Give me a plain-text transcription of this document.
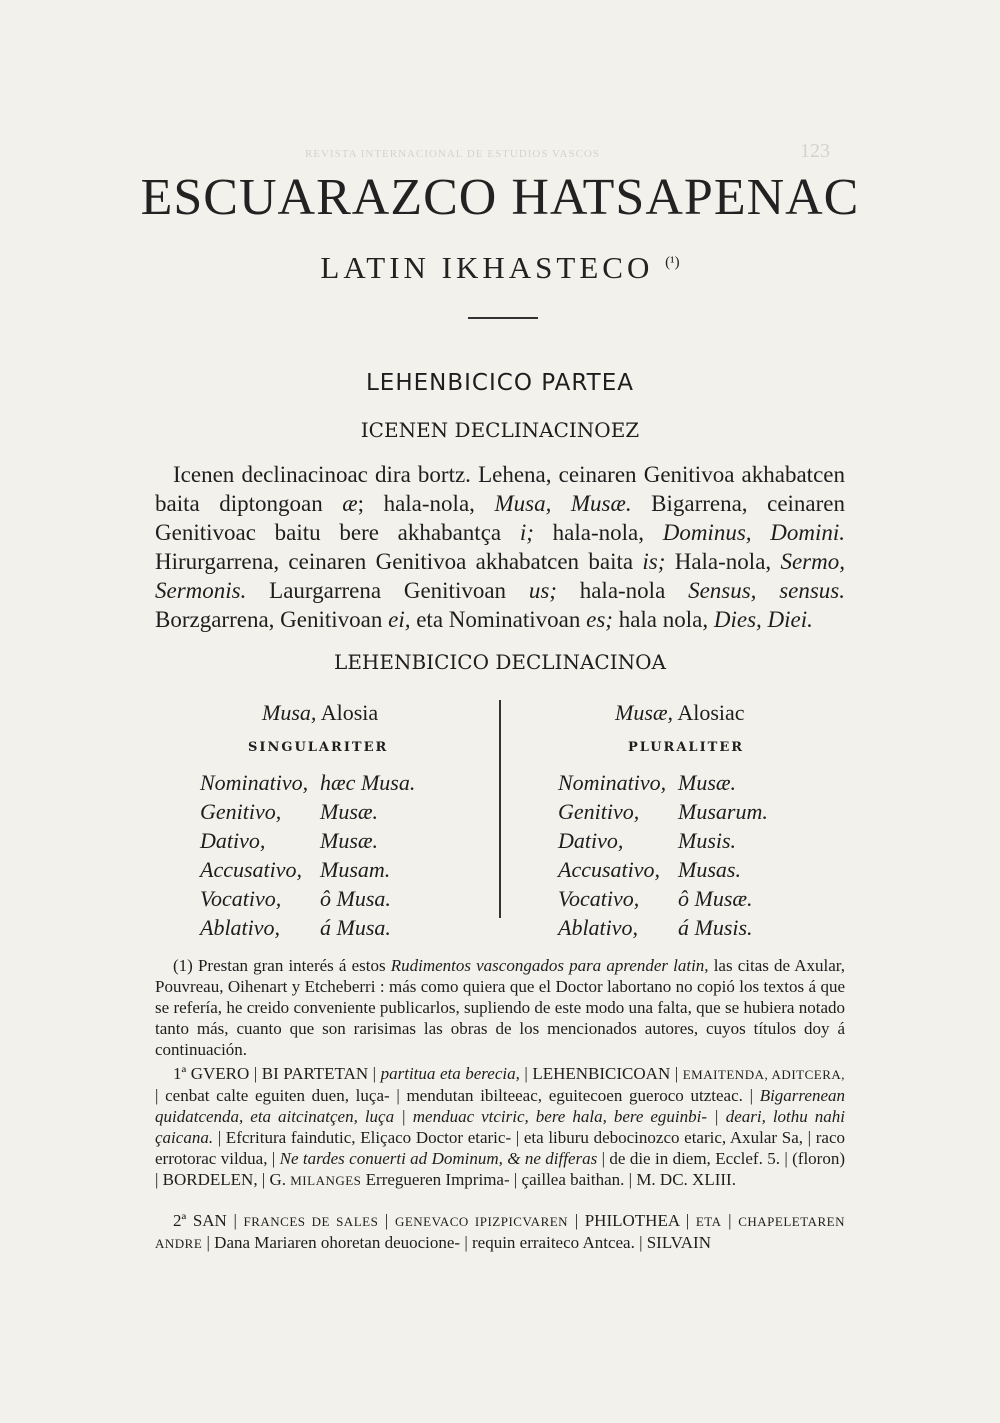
123
REVISTA INTERNACIONAL DE ESTUDIOS VASCOS
ESCUARAZCO HATSAPENAC
LATIN IKHASTECO $^{(^1)}$
LEHENBICICO PARTEA
ICENEN DECLINACINOEZ
Icenen declinacinoac dira bortz. Lehena, ceinaren Genitivoa akhabatcen baita diptongoan æ; hala-nola, Musa, Musæ. Bigarrena, ceinaren Genitivoac baitu bere akhabantça i; hala-nola, Dominus, Domini. Hirurgarrena, ceinaren Genitivoa akhabatcen baita is; Hala-nola, Sermo, Sermonis. Laurgarrena Genitivoan us; hala-nola Sensus, sensus. Borzgarrena, Genitivoan ei, eta Nominativoan es; hala nola, Dies, Diei.
LEHENBICICO DECLINACINOA
Musa, Alosia
SINGULARITER
Nominativo, hæc Musa.
Genitivo, Musæ.
Dativo, Musæ.
Accusativo, Musam.
Vocativo, ô Musa.
Ablativo, á Musa.
Musæ, Alosiac
PLURALITER
Nominativo, Musæ.
Genitivo, Musarum.
Dativo, Musis.
Accusativo, Musas.
Vocativo, ô Musæ.
Ablativo, á Musis.
(1) Prestan gran interés á estos Rudimentos vascongados para aprender latin, las citas de Axular, Pouvreau, Oihenart y Etcheberri : más como quiera que el Doctor labortano no copió los textos á que se refería, he creido conveniente publicarlos, supliendo de este modo una falta, que se hubiera notado tanto más, cuanto que son rarisimas las obras de los mencionados autores, cuyos títulos doy á continuación.
1ª GVERO | BI PARTETAN | partitua eta berecia, | LEHENBICICOAN | EMAITENDA, ADITCERA, | cenbat calte eguiten duen, luça- | mendutan ibilteeac, eguitecoen gueroco utzteac. | Bigarrenean quidatcenda, eta aitcinatçen, luça | menduac vtciric, bere hala, bere eguinbi- | deari, lothu nahi çaicana. | Efcritura faindutic, Eliçaco Doctor etaric- | eta liburu debocinozco etaric, Axular Sa, | raco errotorac vildua, | Ne tardes conuerti ad Dominum, & ne differas | de die in diem, Ecclef. 5. | (floron) | BORDELEN, | G. MILANGES Erregueren Imprima- | çaillea baithan. | M. DC. XLIII.
2ª SAN | FRANCES DE SALES | GENEVACO IPIZPICVAREN | PHILOTHEA | ETA | CHAPELETAREN ANDRE | Dana Mariaren ohoretan deuocione- | requin erraiteco Antcea. | SILVAIN
